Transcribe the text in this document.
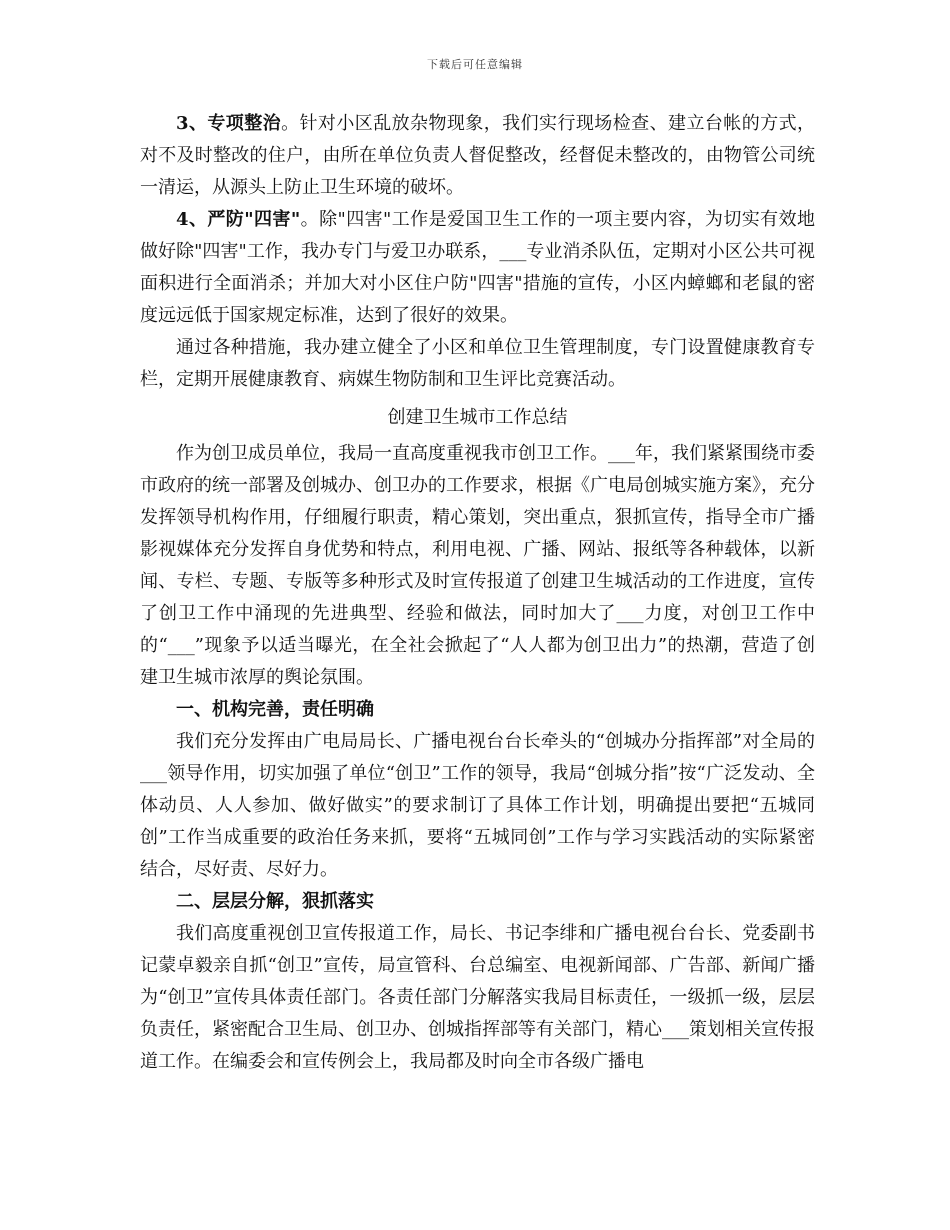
下载后可任意编辑

3、专项整治。针对小区乱放杂物现象，我们实行现场检查、建立台帐的方式，对不及时整改的住户，由所在单位负责人督促整改，经督促未整改的，由物管公司统一清运，从源头上防止卫生环境的破坏。

4、严防"四害"。除"四害"工作是爱国卫生工作的一项主要内容，为切实有效地做好除"四害"工作，我办专门与爱卫办联系，___专业消杀队伍，定期对小区公共可视面积进行全面消杀；并加大对小区住户防"四害"措施的宣传，小区内蟑螂和老鼠的密度远远低于国家规定标准，达到了很好的效果。

通过各种措施，我办建立健全了小区和单位卫生管理制度，专门设置健康教育专栏，定期开展健康教育、病媒生物防制和卫生评比竞赛活动。

创建卫生城市工作总结

作为创卫成员单位，我局一直高度重视我市创卫工作。___年，我们紧紧围绕市委市政府的统一部署及创城办、创卫办的工作要求，根据《广电局创城实施方案》，充分发挥领导机构作用，仔细履行职责，精心策划，突出重点，狠抓宣传，指导全市广播影视媒体充分发挥自身优势和特点，利用电视、广播、网站、报纸等各种载体，以新闻、专栏、专题、专版等多种形式及时宣传报道了创建卫生城活动的工作进度，宣传了创卫工作中涌现的先进典型、经验和做法，同时加大了___力度，对创卫工作中的“___”现象予以适当曝光，在全社会掀起了“人人都为创卫出力”的热潮，营造了创建卫生城市浓厚的舆论氛围。

一、机构完善，责任明确

我们充分发挥由广电局局长、广播电视台台长牵头的“创城办分指挥部”对全局的___领导作用，切实加强了单位“创卫”工作的领导，我局“创城分指”按“广泛发动、全体动员、人人参加、做好做实”的要求制订了具体工作计划，明确提出要把“五城同创”工作当成重要的政治任务来抓，要将“五城同创”工作与学习实践活动的实际紧密结合，尽好责、尽好力。

二、层层分解，狠抓落实

我们高度重视创卫宣传报道工作，局长、书记李绯和广播电视台台长、党委副书记蒙卓毅亲自抓“创卫”宣传，局宣管科、台总编室、电视新闻部、广告部、新闻广播为“创卫”宣传具体责任部门。各责任部门分解落实我局目标责任，一级抓一级，层层负责任，紧密配合卫生局、创卫办、创城指挥部等有关部门，精心___策划相关宣传报道工作。在编委会和宣传例会上，我局都及时向全市各级广播电
